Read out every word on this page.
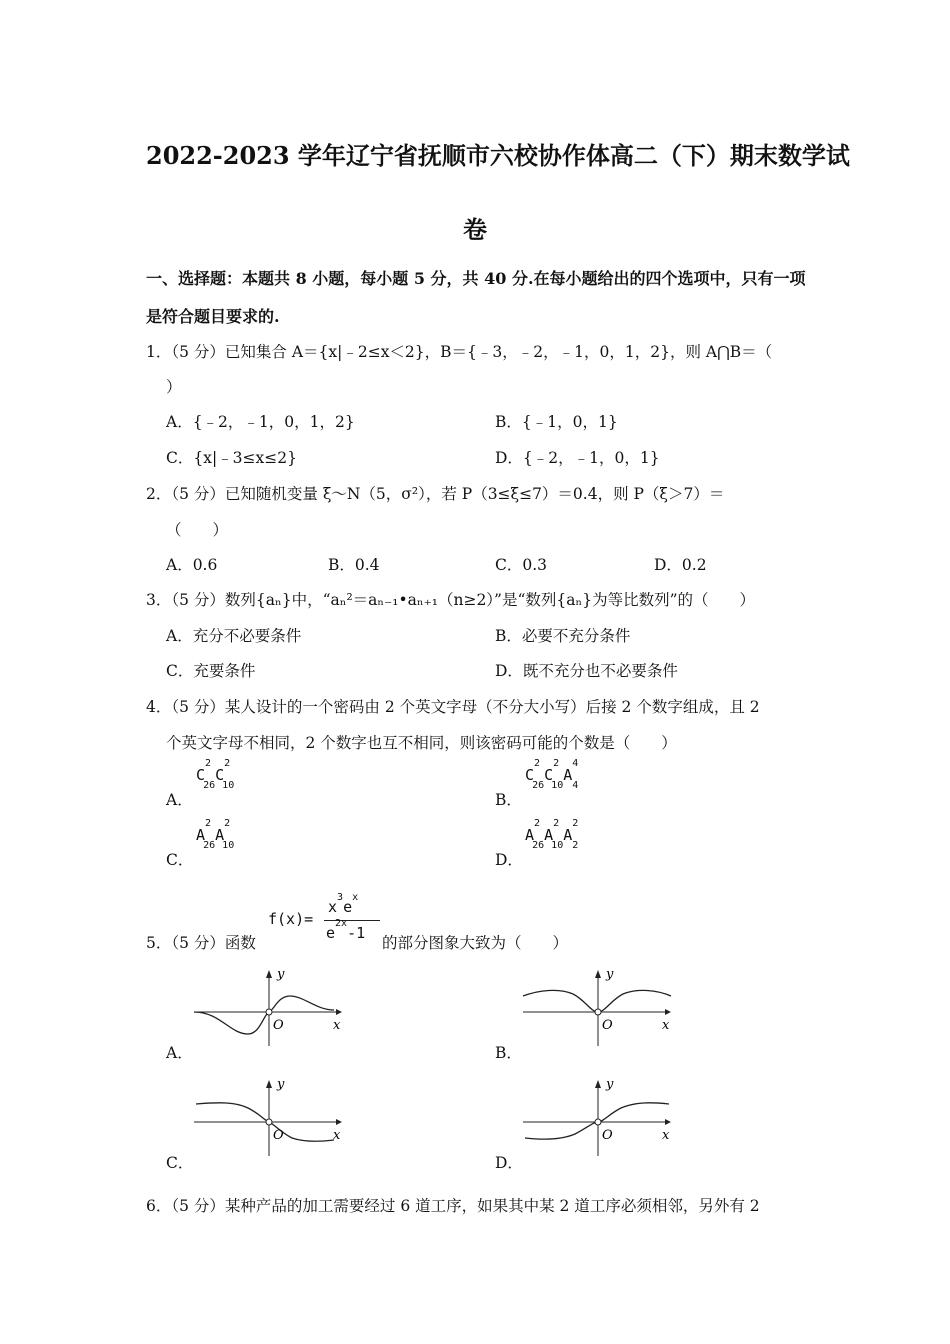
2022-2023 学年辽宁省抚顺市六校协作体高二（下）期末数学试
卷
一、选择题：本题共 8 小题，每小题 5 分，共 40 分.在每小题给出的四个选项中，只有一项
是符合题目要求的.
1．（5 分）已知集合 A＝{x|﹣2≤x＜2}，B＝{﹣3，﹣2，﹣1，0，1，2}，则 A⋂B＝（
）
A．{﹣2，﹣1，0，1，2}	B．{﹣1，0，1}
C．{x|﹣3≤x≤2}	D．{﹣2，﹣1，0，1}
2．（5 分）已知随机变量 ξ～N（5，σ²），若 P（3≤ξ≤7）＝0.4，则 P（ξ＞7）＝
（　　）
A．0.6	B．0.4	C．0.3	D．0.2
3．（5 分）数列{aₙ}中，“aₙ²＝aₙ₋₁•aₙ₊₁（n≥2）”是“数列{aₙ}为等比数列”的（　　）
A．充分不必要条件	B．必要不充分条件
C．充要条件	D．既不充分也不必要条件
4．（5 分）某人设计的一个密码由 2 个英文字母（不分大小写）后接 2 个数字组成，且 2
个英文字母不相同，2 个数字也互不相同，则该密码可能的个数是（　　）
A．
$C^2_{26}C^2_{10}$
B．
$C^2_{26}C^2_{10}A^4_4$
C．
$A^2_{26}A^2_{10}$
D．
$A^2_{26}A^2_{10}A^2_2$
5．（5 分）函数
f(x)=
$x^3e^x$
$e^{2x}-1$
的部分图象大致为（　　）
A．
y
O	x
B．
y
O	x
C．
y
O	x
D．
y
O	x
6．（5 分）某种产品的加工需要经过 6 道工序，如果其中某 2 道工序必须相邻，另外有 2
